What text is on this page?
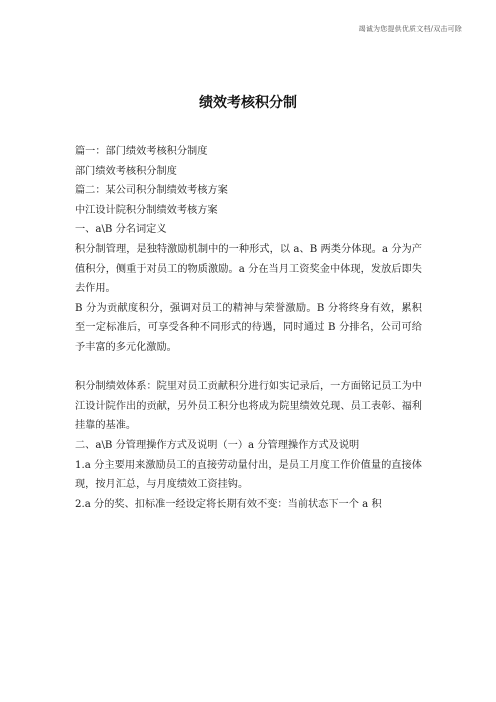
竭诚为您提供优质文档/双击可除
绩效考核积分制

篇一：部门绩效考核积分制度

部门绩效考核积分制度

篇二：某公司积分制绩效考核方案

中江设计院积分制绩效考核方案

一、a\B 分名词定义

积分制管理，是独特激励机制中的一种形式，以 a、B 两类分体现。a 分为产值积分，侧重于对员工的物质激励。a 分在当月工资奖金中体现，发放后即失去作用。

B 分为贡献度积分，强调对员工的精神与荣誉激励。B 分将终身有效，累积至一定标准后，可享受各种不同形式的待遇，同时通过 B 分排名，公司可给予丰富的多元化激励。

积分制绩效体系：院里对员工贡献积分进行如实记录后，一方面铭记员工为中江设计院作出的贡献，另外员工积分也将成为院里绩效兑现、员工表彰、福利挂靠的基准。

二、a\B 分管理操作方式及说明（一）a 分管理操作方式及说明

1.a 分主要用来激励员工的直接劳动量付出，是员工月度工作价值量的直接体现，按月汇总，与月度绩效工资挂钩。

2.a 分的奖、扣标准一经设定将长期有效不变：当前状态下一个 a 积
